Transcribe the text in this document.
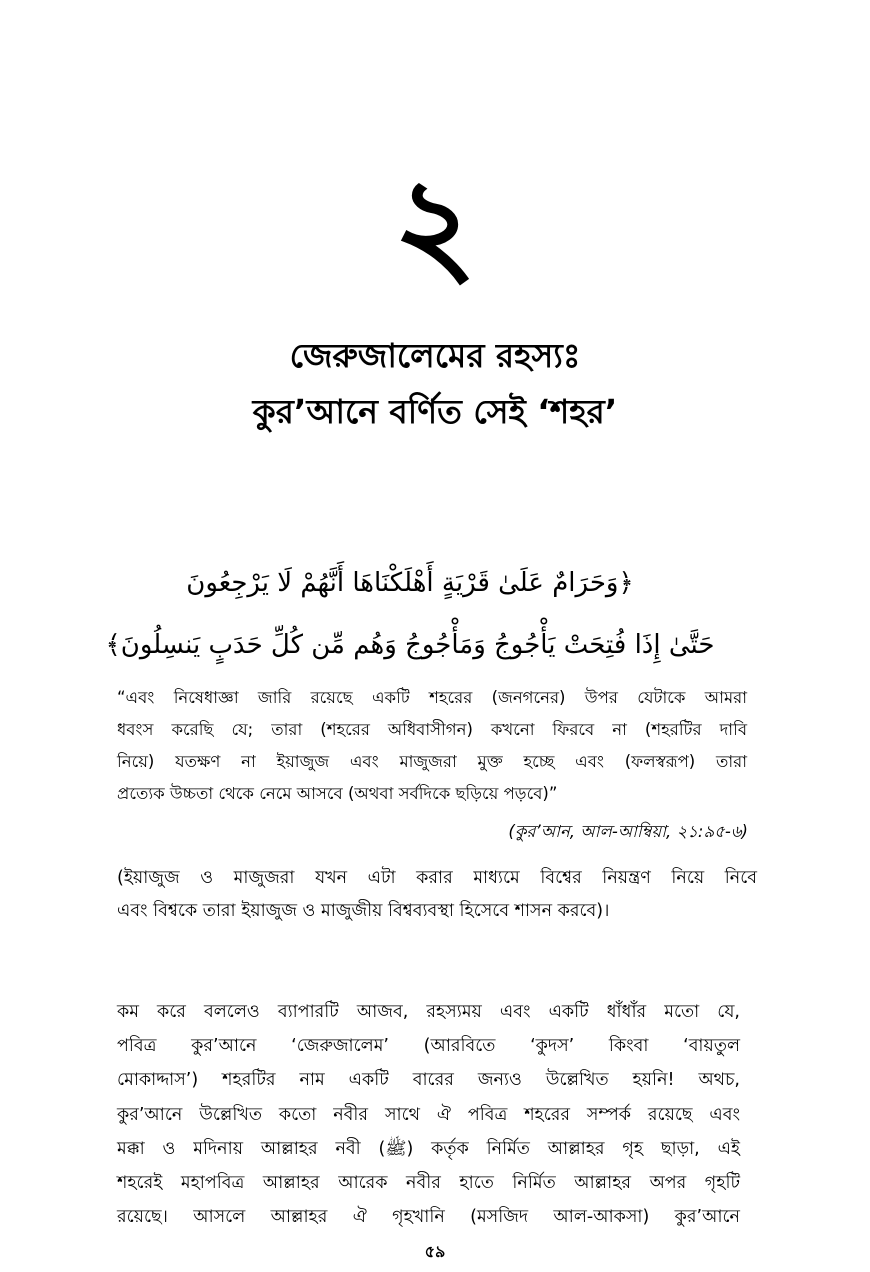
২
জেরুজালেমের রহস্যঃ
কুর’আনে বর্ণিত সেই ‘শহর’
﴿وَحَرَامٌ عَلَىٰ قَرْيَةٍ أَهْلَكْنَاهَا أَنَّهُمْ لَا يَرْجِعُونَ
حَتَّىٰ إِذَا فُتِحَتْ يَأْجُوجُ وَمَأْجُوجُ وَهُم مِّن كُلِّ حَدَبٍ يَنسِلُونَ﴾
“এবং নিষেধাজ্ঞা জারি রয়েছে একটি শহরের (জনগনের) উপর যেটাকে আমরা
ধবংস করেছি যে; তারা (শহরের অধিবাসীগন) কখনো ফিরবে না (শহরটির দাবি
নিয়ে) যতক্ষণ না ইয়াজুজ এবং মাজুজরা মুক্ত হচ্ছে এবং (ফলস্বরূপ) তারা
প্রত্যেক উচ্চতা থেকে নেমে আসবে (অথবা সর্বদিকে ছড়িয়ে পড়বে)”
(কুর’আন, আল-আম্বিয়া, ২১:৯৫-৬)
(ইয়াজুজ ও মাজুজরা যখন এটা করার মাধ্যমে বিশ্বের নিয়ন্ত্রণ নিয়ে নিবে
এবং বিশ্বকে তারা ইয়াজুজ ও মাজুজীয় বিশ্বব্যবস্থা হিসেবে শাসন করবে)।
কম করে বললেও ব্যাপারটি আজব, রহস্যময় এবং একটি ধাঁধাঁর মতো যে,
পবিত্র কুর’আনে ‘জেরুজালেম’ (আরবিতে ‘কুদস’ কিংবা ‘বায়তুল
মোকাদ্দাস’) শহরটির নাম একটি বারের জন্যও উল্লেখিত হয়নি! অথচ,
কুর’আনে উল্লেখিত কতো নবীর সাথে ঐ পবিত্র শহরের সম্পর্ক রয়েছে এবং
মক্কা ও মদিনায় আল্লাহর নবী (ﷺ) কর্তৃক নির্মিত আল্লাহর গৃহ ছাড়া, এই
শহরেই মহাপবিত্র আল্লাহর আরেক নবীর হাতে নির্মিত আল্লাহর অপর গৃহটি
রয়েছে। আসলে আল্লাহর ঐ গৃহখানি (মসজিদ আল-আকসা) কুর’আনে
৫৯
